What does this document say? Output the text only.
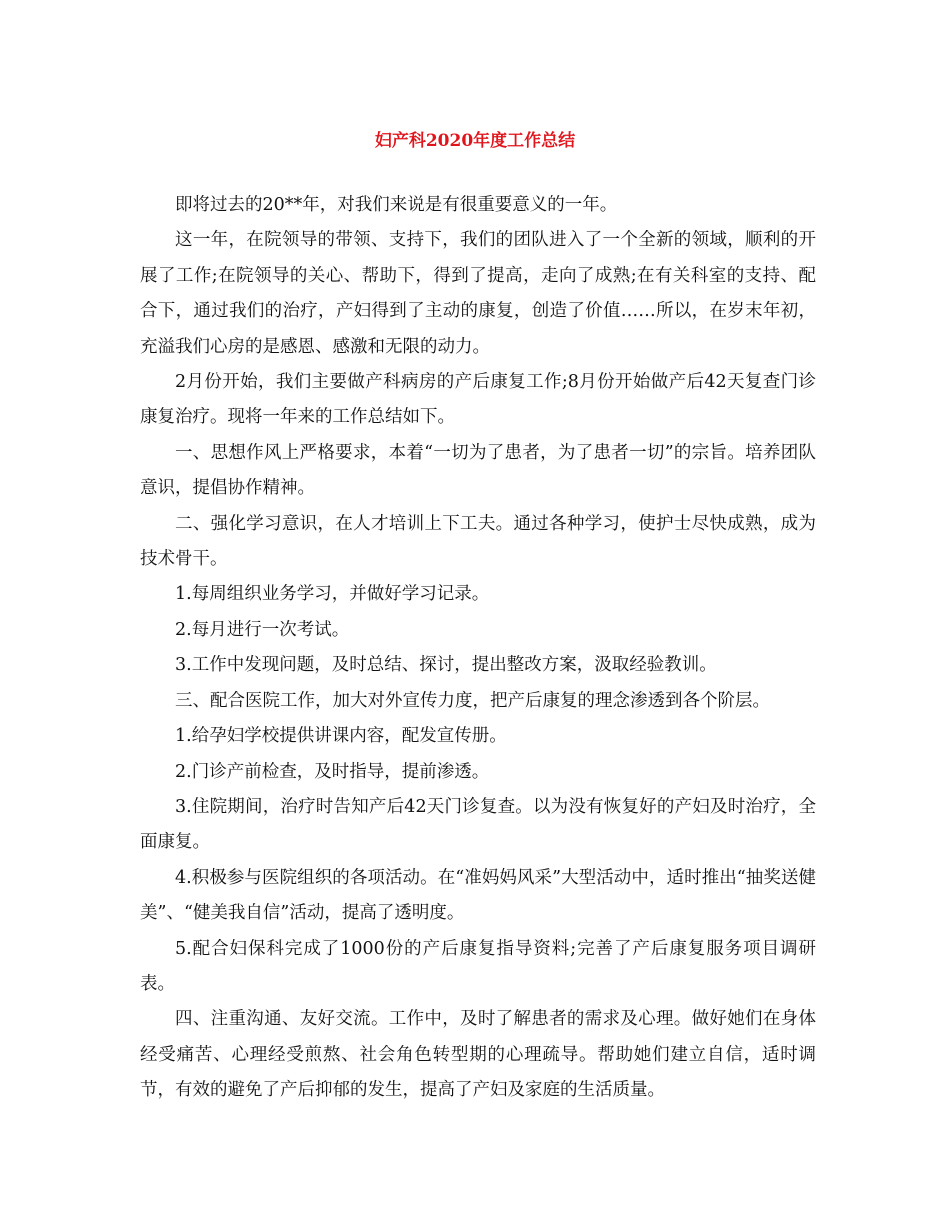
妇产科2020年度工作总结

即将过去的20**年，对我们来说是有很重要意义的一年。

这一年，在院领导的带领、支持下，我们的团队进入了一个全新的领域，顺利的开展了工作;在院领导的关心、帮助下，得到了提高，走向了成熟;在有关科室的支持、配合下，通过我们的治疗，产妇得到了主动的康复，创造了价值……所以，在岁末年初，充溢我们心房的是感恩、感激和无限的动力。

2月份开始，我们主要做产科病房的产后康复工作;8月份开始做产后42天复查门诊康复治疗。现将一年来的工作总结如下。

一、思想作风上严格要求，本着“一切为了患者，为了患者一切”的宗旨。培养团队意识，提倡协作精神。

二、强化学习意识，在人才培训上下工夫。通过各种学习，使护士尽快成熟，成为技术骨干。

1.每周组织业务学习，并做好学习记录。

2.每月进行一次考试。

3.工作中发现问题，及时总结、探讨，提出整改方案，汲取经验教训。

三、配合医院工作，加大对外宣传力度，把产后康复的理念渗透到各个阶层。

1.给孕妇学校提供讲课内容，配发宣传册。

2.门诊产前检查，及时指导，提前渗透。

3.住院期间，治疗时告知产后42天门诊复查。以为没有恢复好的产妇及时治疗，全面康复。

4.积极参与医院组织的各项活动。在“准妈妈风采”大型活动中，适时推出“抽奖送健美”、“健美我自信”活动，提高了透明度。

5.配合妇保科完成了1000份的产后康复指导资料;完善了产后康复服务项目调研表。

四、注重沟通、友好交流。工作中，及时了解患者的需求及心理。做好她们在身体经受痛苦、心理经受煎熬、社会角色转型期的心理疏导。帮助她们建立自信，适时调节，有效的避免了产后抑郁的发生，提高了产妇及家庭的生活质量。
